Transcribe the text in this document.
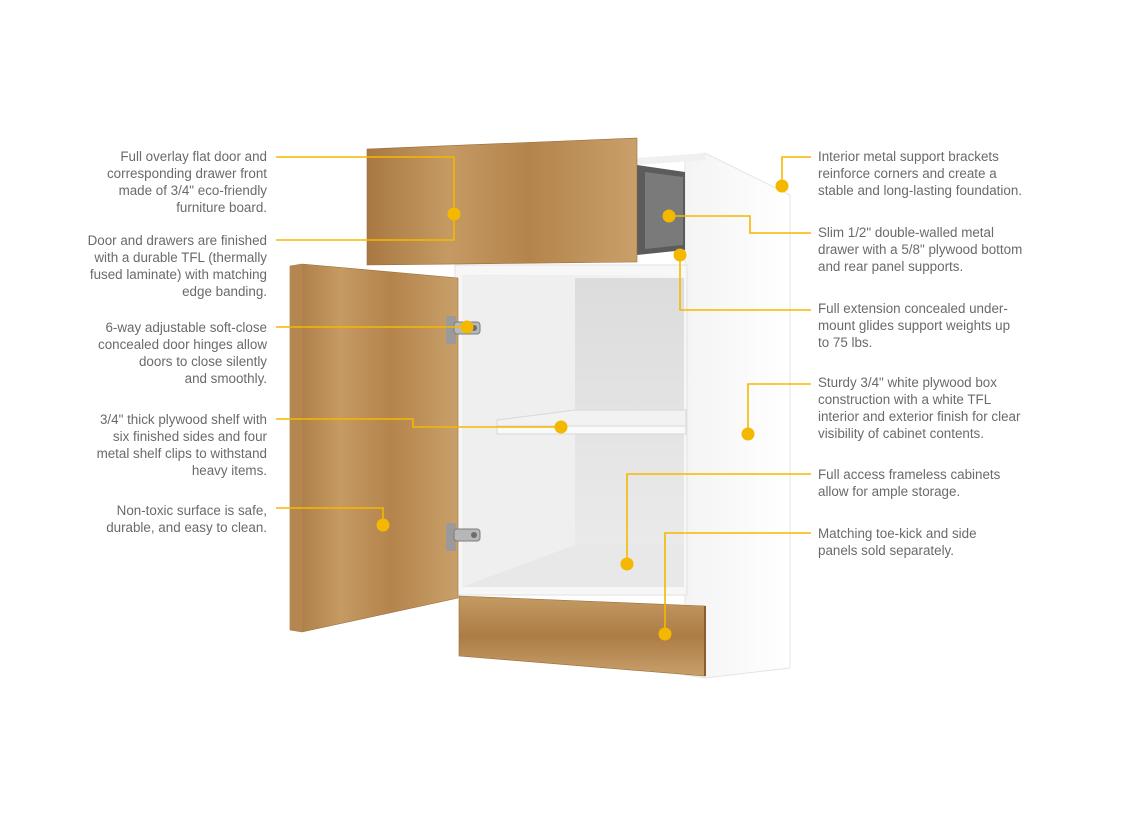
Full overlay flat door and
corresponding drawer front
made of 3/4" eco-friendly
furniture board.
Door and drawers are finished
with a durable TFL (thermally
fused laminate) with matching
edge banding.
6-way adjustable soft-close
concealed door hinges allow
doors to close silently
and smoothly.
3/4" thick plywood shelf with
six finished sides and four
metal shelf clips to withstand
heavy items.
Non-toxic surface is safe,
durable, and easy to clean.
Interior metal support brackets
reinforce corners and create a
stable and long-lasting foundation.
Slim 1/2" double-walled metal
drawer with a 5/8" plywood bottom
and rear panel supports.
Full extension concealed under-
mount glides support weights up
to 75 lbs.
Sturdy 3/4" white plywood box
construction with a white TFL
interior and exterior finish for clear
visibility of cabinet contents.
Full access frameless cabinets
allow for ample storage.
Matching toe-kick and side
panels sold separately.
